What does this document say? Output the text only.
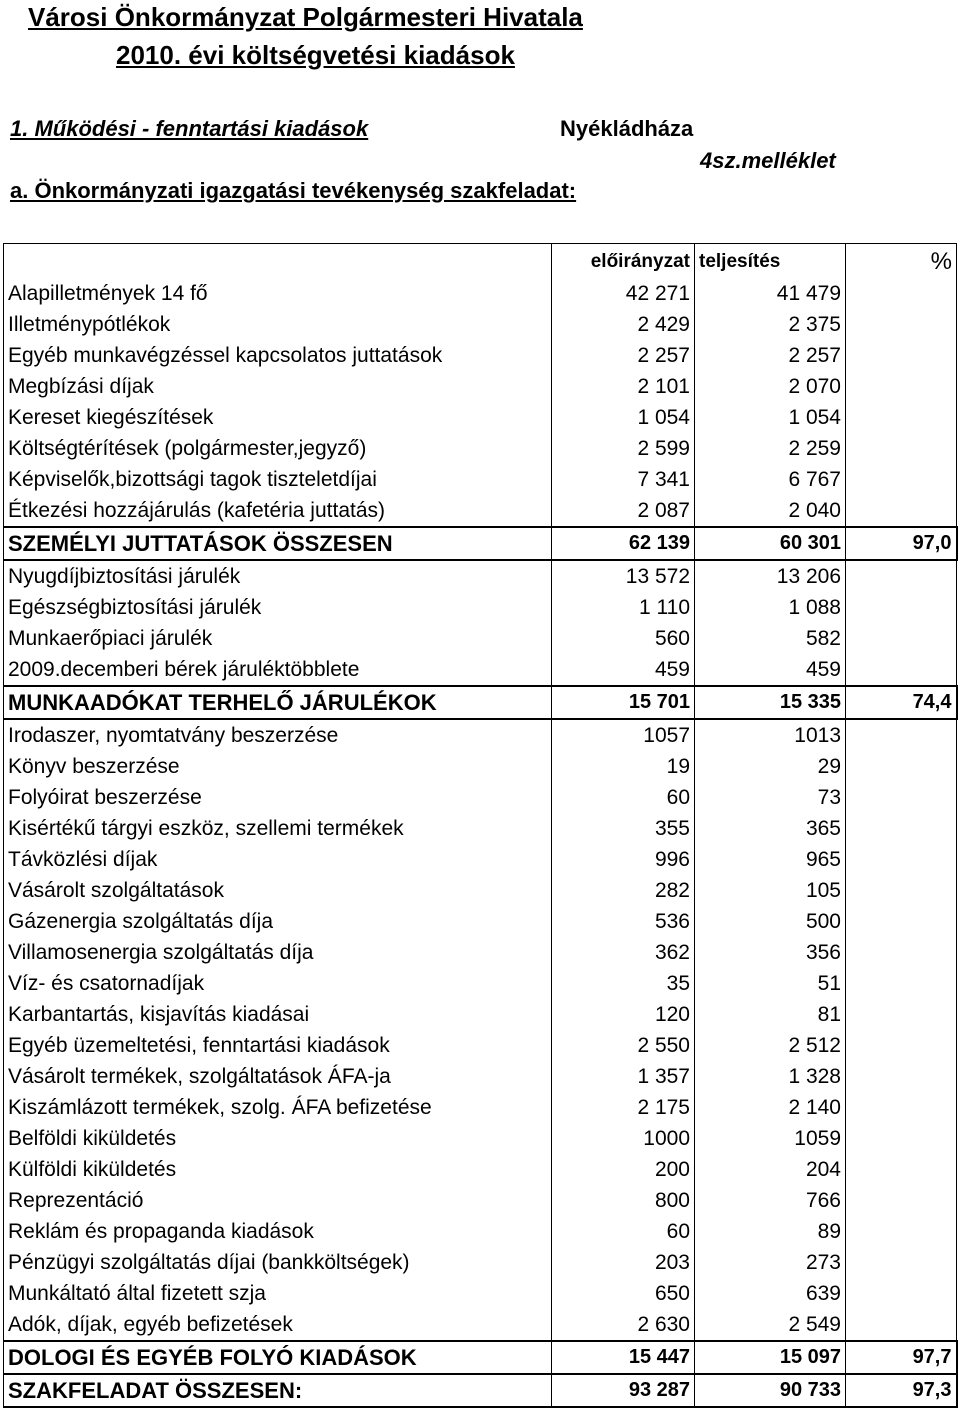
Városi Önkormányzat Polgármesteri Hivatala
2010. évi költségvetési kiadások
1. Működési - fenntartási kiadások	Nyékládháza
4sz.melléklet
a. Önkormányzati igazgatási tevékenység szakfeladat:
	előirányzat	teljesítés	%
Alapilletmények 14 fő	42 271	41 479	
Illetménypótlékok	2 429	2 375	
Egyéb munkavégzéssel kapcsolatos juttatások	2 257	2 257	
Megbízási díjak	2 101	2 070	
Kereset kiegészítések	1 054	1 054	
Költségtérítések (polgármester,jegyző)	2 599	2 259	
Képviselők,bizottsági tagok tiszteletdíjai	7 341	6 767	
Étkezési hozzájárulás (kafetéria juttatás)	2 087	2 040	
SZEMÉLYI JUTTATÁSOK ÖSSZESEN	62 139	60 301	97,0
Nyugdíjbiztosítási járulék	13 572	13 206	
Egészségbiztosítási járulék	1 110	1 088	
Munkaerőpiaci járulék	560	582	
2009.decemberi bérek járuléktöbblete	459	459	
MUNKAADÓKAT TERHELŐ JÁRULÉKOK	15 701	15 335	74,4
Irodaszer, nyomtatvány beszerzése	1057	1013	
Könyv beszerzése	19	29	
Folyóirat beszerzése	60	73	
Kisértékű tárgyi eszköz, szellemi termékek	355	365	
Távközlési díjak	996	965	
Vásárolt szolgáltatások	282	105	
Gázenergia szolgáltatás díja	536	500	
Villamosenergia szolgáltatás díja	362	356	
Víz- és csatornadíjak	35	51	
Karbantartás, kisjavítás kiadásai	120	81	
Egyéb üzemeltetési, fenntartási kiadások	2 550	2 512	
Vásárolt termékek, szolgáltatások ÁFA-ja	1 357	1 328	
Kiszámlázott termékek, szolg. ÁFA befizetése	2 175	2 140	
Belföldi kiküldetés	1000	1059	
Külföldi kiküldetés	200	204	
Reprezentáció	800	766	
Reklám és propaganda kiadások	60	89	
Pénzügyi szolgáltatás díjai (bankköltségek)	203	273	
Munkáltató által fizetett szja	650	639	
Adók, díjak, egyéb befizetések	2 630	2 549	
DOLOGI ÉS EGYÉB FOLYÓ KIADÁSOK	15 447	15 097	97,7
SZAKFELADAT ÖSSZESEN:	93 287	90 733	97,3
